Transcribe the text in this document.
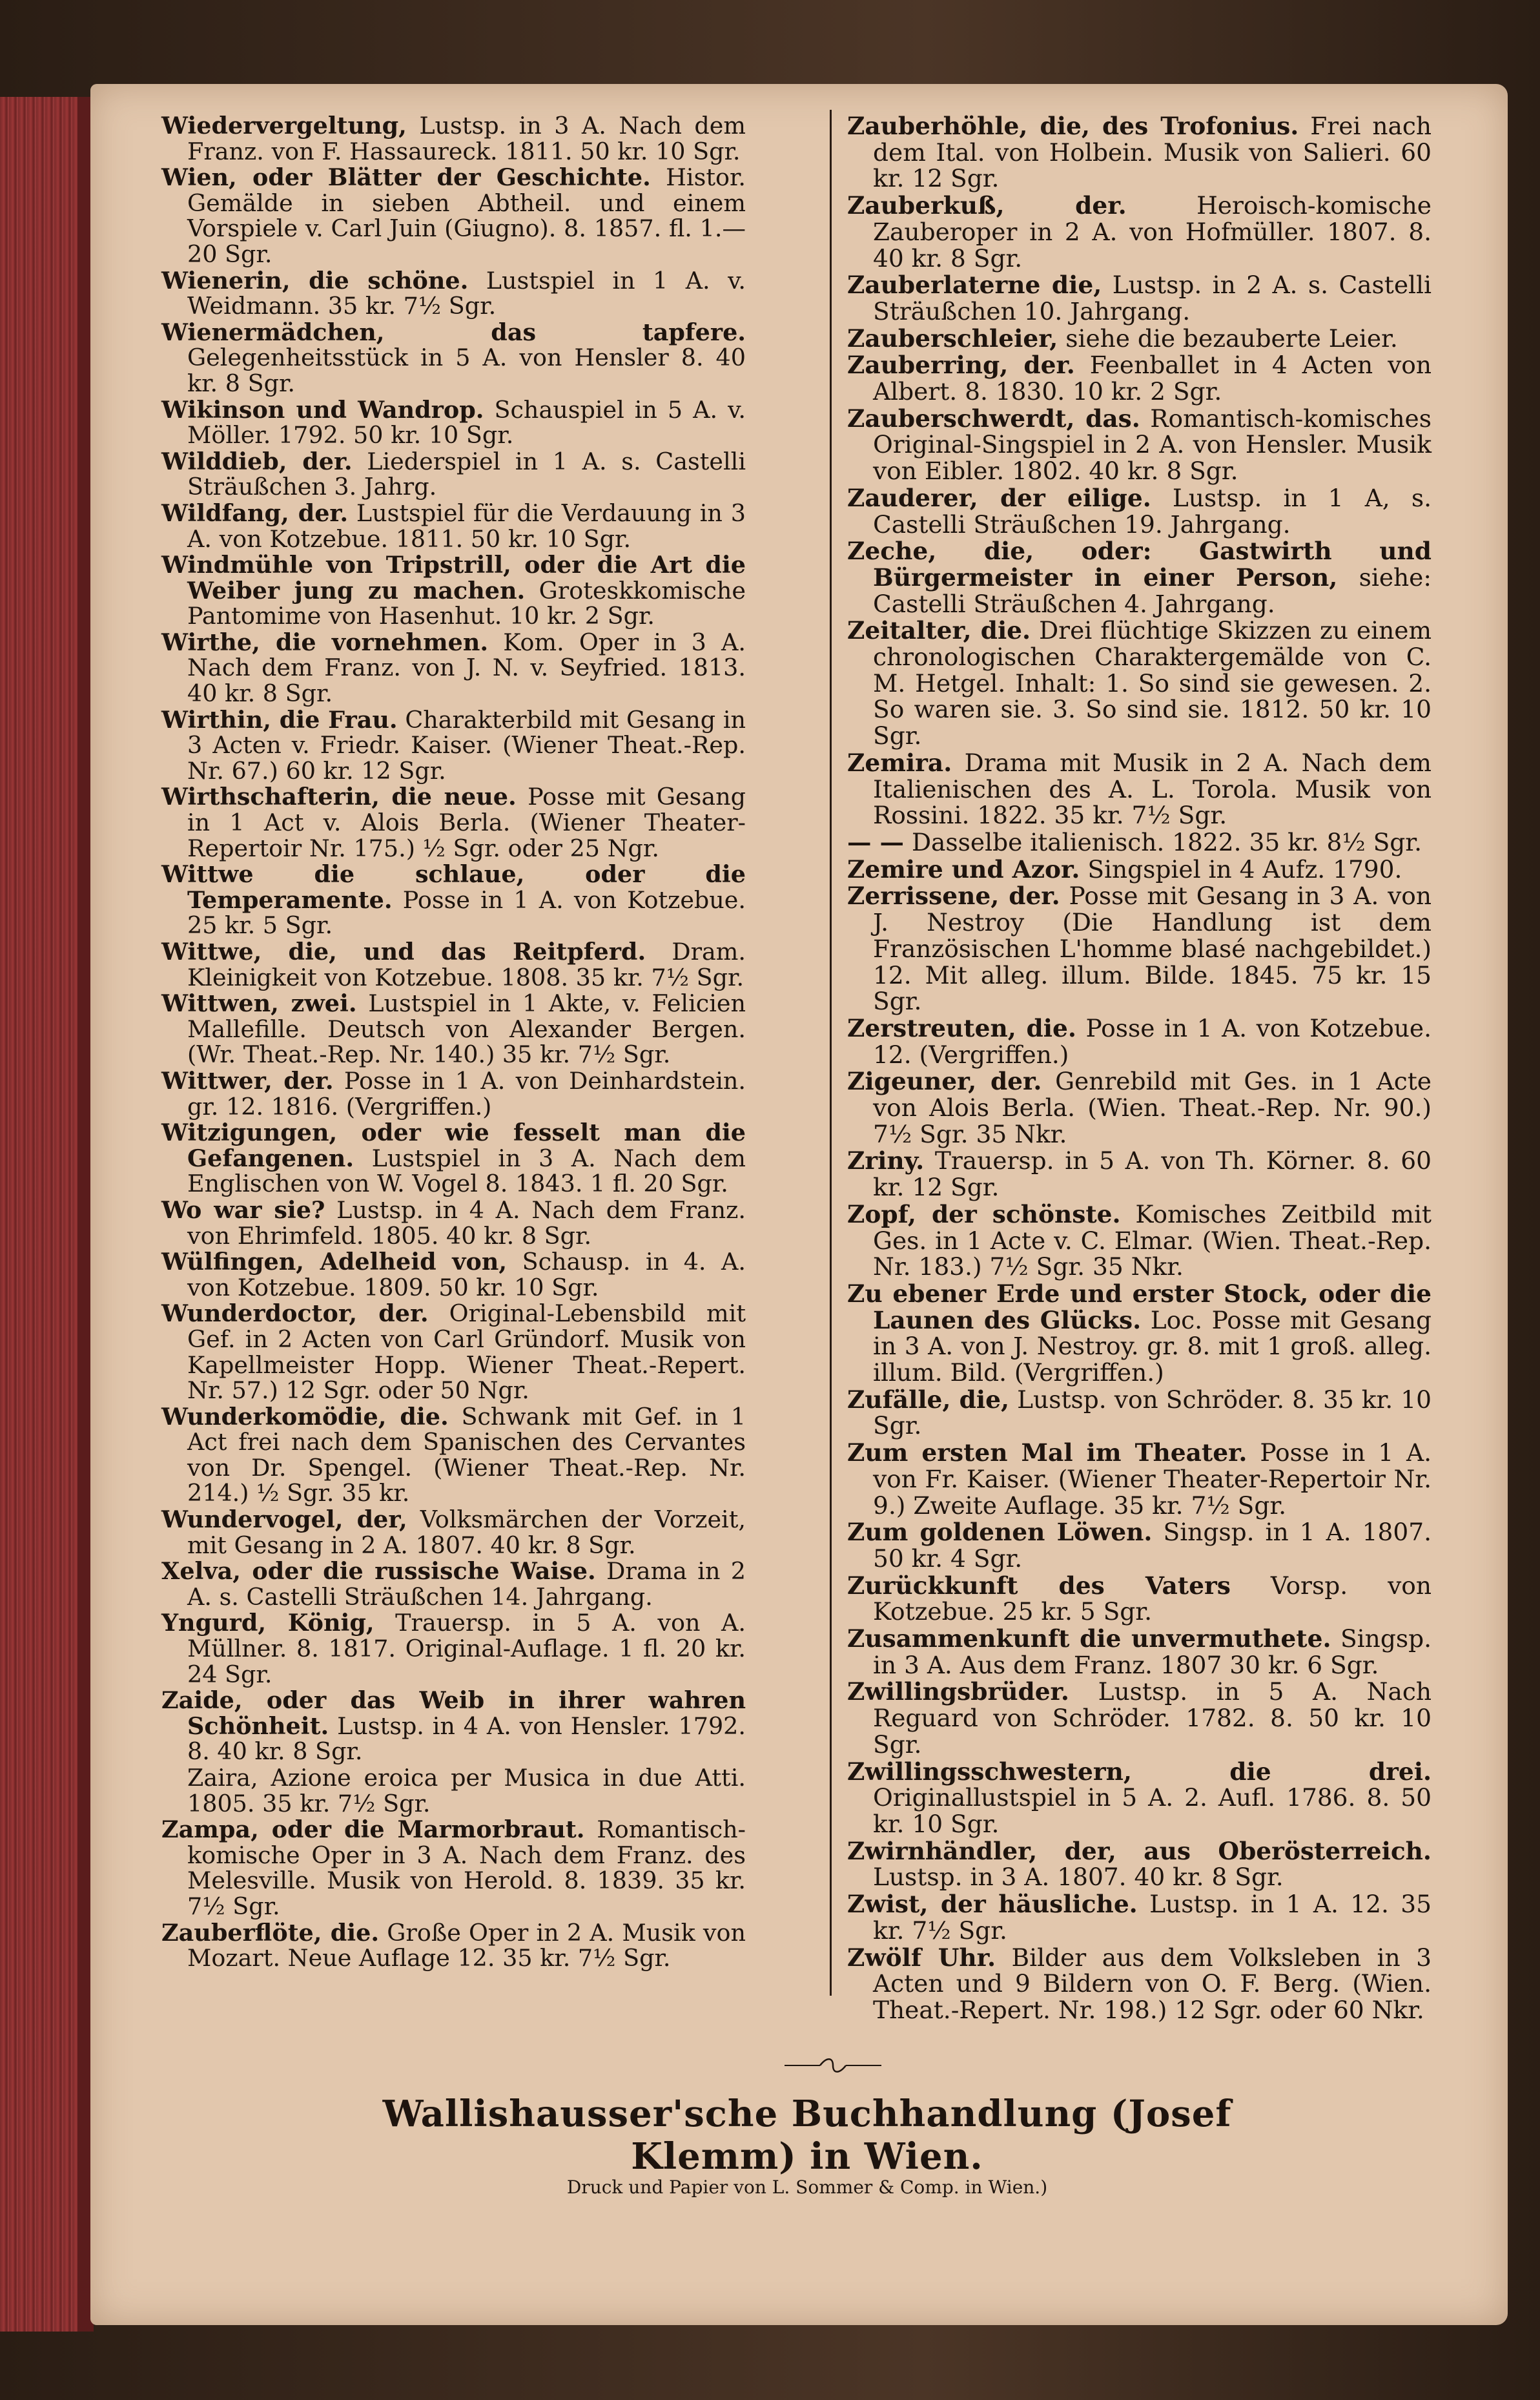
Wiedervergeltung, Lustsp. in 3 A. Nach dem Franz. von F. Hassaureck. 1811. 50 kr. 10 Sgr.

Wien, oder Blätter der Geschichte. Histor. Gemälde in sieben Abtheil. und einem Vorspiele v. Carl Juin (Giugno). 8. 1857. fl. 1.— 20 Sgr.

Wienerin, die schöne. Lustspiel in 1 A. v. Weidmann. 35 kr. 7½ Sgr.

Wienermädchen, das tapfere. Gelegenheitsstück in 5 A. von Hensler 8. 40 kr. 8 Sgr.

Wikinson und Wandrop. Schauspiel in 5 A. v. Möller. 1792. 50 kr. 10 Sgr.

Wilddieb, der. Liederspiel in 1 A. s. Castelli Sträußchen 3. Jahrg.

Wildfang, der. Lustspiel für die Verdauung in 3 A. von Kotzebue. 1811. 50 kr. 10 Sgr.

Windmühle von Tripstrill, oder die Art die Weiber jung zu machen. Groteskkomische Pantomime von Hasenhut. 10 kr. 2 Sgr.

Wirthe, die vornehmen. Kom. Oper in 3 A. Nach dem Franz. von J. N. v. Seyfried. 1813. 40 kr. 8 Sgr.

Wirthin, die Frau. Charakterbild mit Gesang in 3 Acten v. Friedr. Kaiser. (Wiener Theat.-Rep. Nr. 67.) 60 kr. 12 Sgr.

Wirthschafterin, die neue. Posse mit Gesang in 1 Act v. Alois Berla. (Wiener Theater-Repertoir Nr. 175.) ½ Sgr. oder 25 Ngr.

Wittwe die schlaue, oder die Temperamente. Posse in 1 A. von Kotzebue. 25 kr. 5 Sgr.

Wittwe, die, und das Reitpferd. Dram. Kleinigkeit von Kotzebue. 1808. 35 kr. 7½ Sgr.

Wittwen, zwei. Lustspiel in 1 Akte, v. Felicien Mallefille. Deutsch von Alexander Bergen. (Wr. Theat.-Rep. Nr. 140.) 35 kr. 7½ Sgr.

Wittwer, der. Posse in 1 A. von Deinhardstein. gr. 12. 1816. (Vergriffen.)

Witzigungen, oder wie fesselt man die Gefangenen. Lustspiel in 3 A. Nach dem Englischen von W. Vogel 8. 1843. 1 fl. 20 Sgr.

Wo war sie? Lustsp. in 4 A. Nach dem Franz. von Ehrimfeld. 1805. 40 kr. 8 Sgr.

Wülfingen, Adelheid von, Schausp. in 4. A. von Kotzebue. 1809. 50 kr. 10 Sgr.

Wunderdoctor, der. Original-Lebensbild mit Gef. in 2 Acten von Carl Gründorf. Musik von Kapellmeister Hopp. Wiener Theat.-Repert. Nr. 57.) 12 Sgr. oder 50 Ngr.

Wunderkomödie, die. Schwank mit Gef. in 1 Act frei nach dem Spanischen des Cervantes von Dr. Spengel. (Wiener Theat.-Rep. Nr. 214.) ½ Sgr. 35 kr.

Wundervogel, der, Volksmärchen der Vorzeit, mit Gesang in 2 A. 1807. 40 kr. 8 Sgr.

Xelva, oder die russische Waise. Drama in 2 A. s. Castelli Sträußchen 14. Jahrgang.

Yngurd, König, Trauersp. in 5 A. von A. Müllner. 8. 1817. Original-Auflage. 1 fl. 20 kr. 24 Sgr.

Zaide, oder das Weib in ihrer wahren Schönheit. Lustsp. in 4 A. von Hensler. 1792. 8. 40 kr. 8 Sgr.

Zaira, Azione eroica per Musica in due Atti. 1805. 35 kr. 7½ Sgr.

Zampa, oder die Marmorbraut. Romantisch-komische Oper in 3 A. Nach dem Franz. des Melesville. Musik von Herold. 8. 1839. 35 kr. 7½ Sgr.

Zauberflöte, die. Große Oper in 2 A. Musik von Mozart. Neue Auflage 12. 35 kr. 7½ Sgr.

Zauberhöhle, die, des Trofonius. Frei nach dem Ital. von Holbein. Musik von Salieri. 60 kr. 12 Sgr.

Zauberkuß, der.	Heroisch-komische Zauberoper in 2 A. von Hofmüller. 1807. 8. 40 kr. 8 Sgr.

Zauberlaterne die, Lustsp. in 2 A. s. Castelli Sträußchen 10. Jahrgang.

Zauberschleier, siehe die bezauberte Leier.

Zauberring, der. Feenballet in 4 Acten von Albert. 8. 1830. 10 kr. 2 Sgr.

Zauberschwerdt, das. Romantisch-komisches Original-Singspiel in 2 A. von Hensler. Musik von Eibler. 1802. 40 kr. 8 Sgr.

Zauderer, der eilige. Lustsp. in 1 A, s. Castelli Sträußchen 19. Jahrgang.

Zeche, die, oder: Gastwirth und Bürgermeister in einer Person, siehe: Castelli Sträußchen 4. Jahrgang.

Zeitalter, die. Drei flüchtige Skizzen zu einem chronologischen Charaktergemälde von C. M. Hetgel. Inhalt: 1. So sind sie gewesen. 2. So waren sie. 3. So sind sie. 1812. 50 kr. 10 Sgr.

Zemira. Drama mit Musik in 2 A. Nach dem Italienischen des A. L. Torola. Musik von Rossini. 1822. 35 kr. 7½ Sgr.

— — Dasselbe italienisch. 1822. 35 kr. 8½ Sgr.

Zemire und Azor. Singspiel in 4 Aufz. 1790.

Zerrissene, der. Posse mit Gesang in 3 A. von J. Nestroy (Die Handlung ist dem Französischen L'homme blasé nachgebildet.) 12. Mit alleg. illum. Bilde. 1845. 75 kr. 15 Sgr.

Zerstreuten, die. Posse in 1 A. von Kotzebue. 12. (Vergriffen.)

Zigeuner, der. Genrebild mit Ges. in 1 Acte von Alois Berla. (Wien. Theat.-Rep. Nr. 90.) 7½ Sgr. 35 Nkr.

Zriny. Trauersp. in 5 A. von Th. Körner. 8. 60 kr. 12 Sgr.

Zopf, der schönste. Komisches Zeitbild mit Ges. in 1 Acte v. C. Elmar. (Wien. Theat.-Rep. Nr. 183.) 7½ Sgr. 35 Nkr.

Zu ebener Erde und erster Stock, oder die Launen des Glücks. Loc. Posse mit Gesang in 3 A. von J. Nestroy. gr. 8. mit 1 groß. alleg. illum. Bild. (Vergriffen.)

Zufälle, die, Lustsp. von Schröder. 8. 35 kr. 10 Sgr.

Zum ersten Mal im Theater. Posse in 1 A. von Fr. Kaiser. (Wiener Theater-Repertoir Nr. 9.) Zweite Auflage. 35 kr. 7½ Sgr.

Zum goldenen Löwen. Singsp. in 1 A. 1807. 50 kr. 4 Sgr.

Zurückkunft des Vaters Vorsp. von Kotzebue. 25 kr. 5 Sgr.

Zusammenkunft die unvermuthete. Singsp. in 3 A. Aus dem Franz. 1807 30 kr. 6 Sgr.

Zwillingsbrüder. Lustsp. in 5 A. Nach Reguard von Schröder. 1782. 8. 50 kr. 10 Sgr.

Zwillingsschwestern, die drei. Originallustspiel in 5 A. 2. Aufl. 1786. 8. 50 kr. 10 Sgr.

Zwirnhändler, der, aus Oberösterreich. Lustsp. in 3 A. 1807. 40 kr. 8 Sgr.

Zwist, der häusliche. Lustsp. in 1 A. 12. 35 kr. 7½ Sgr.

Zwölf Uhr. Bilder aus dem Volksleben in 3 Acten und 9 Bildern von O. F. Berg. (Wien. Theat.-Repert. Nr. 198.) 12 Sgr. oder 60 Nkr.

Wallishausser'sche Buchhandlung (Josef Klemm) in Wien.
Druck und Papier von L. Sommer & Comp. in Wien.)
